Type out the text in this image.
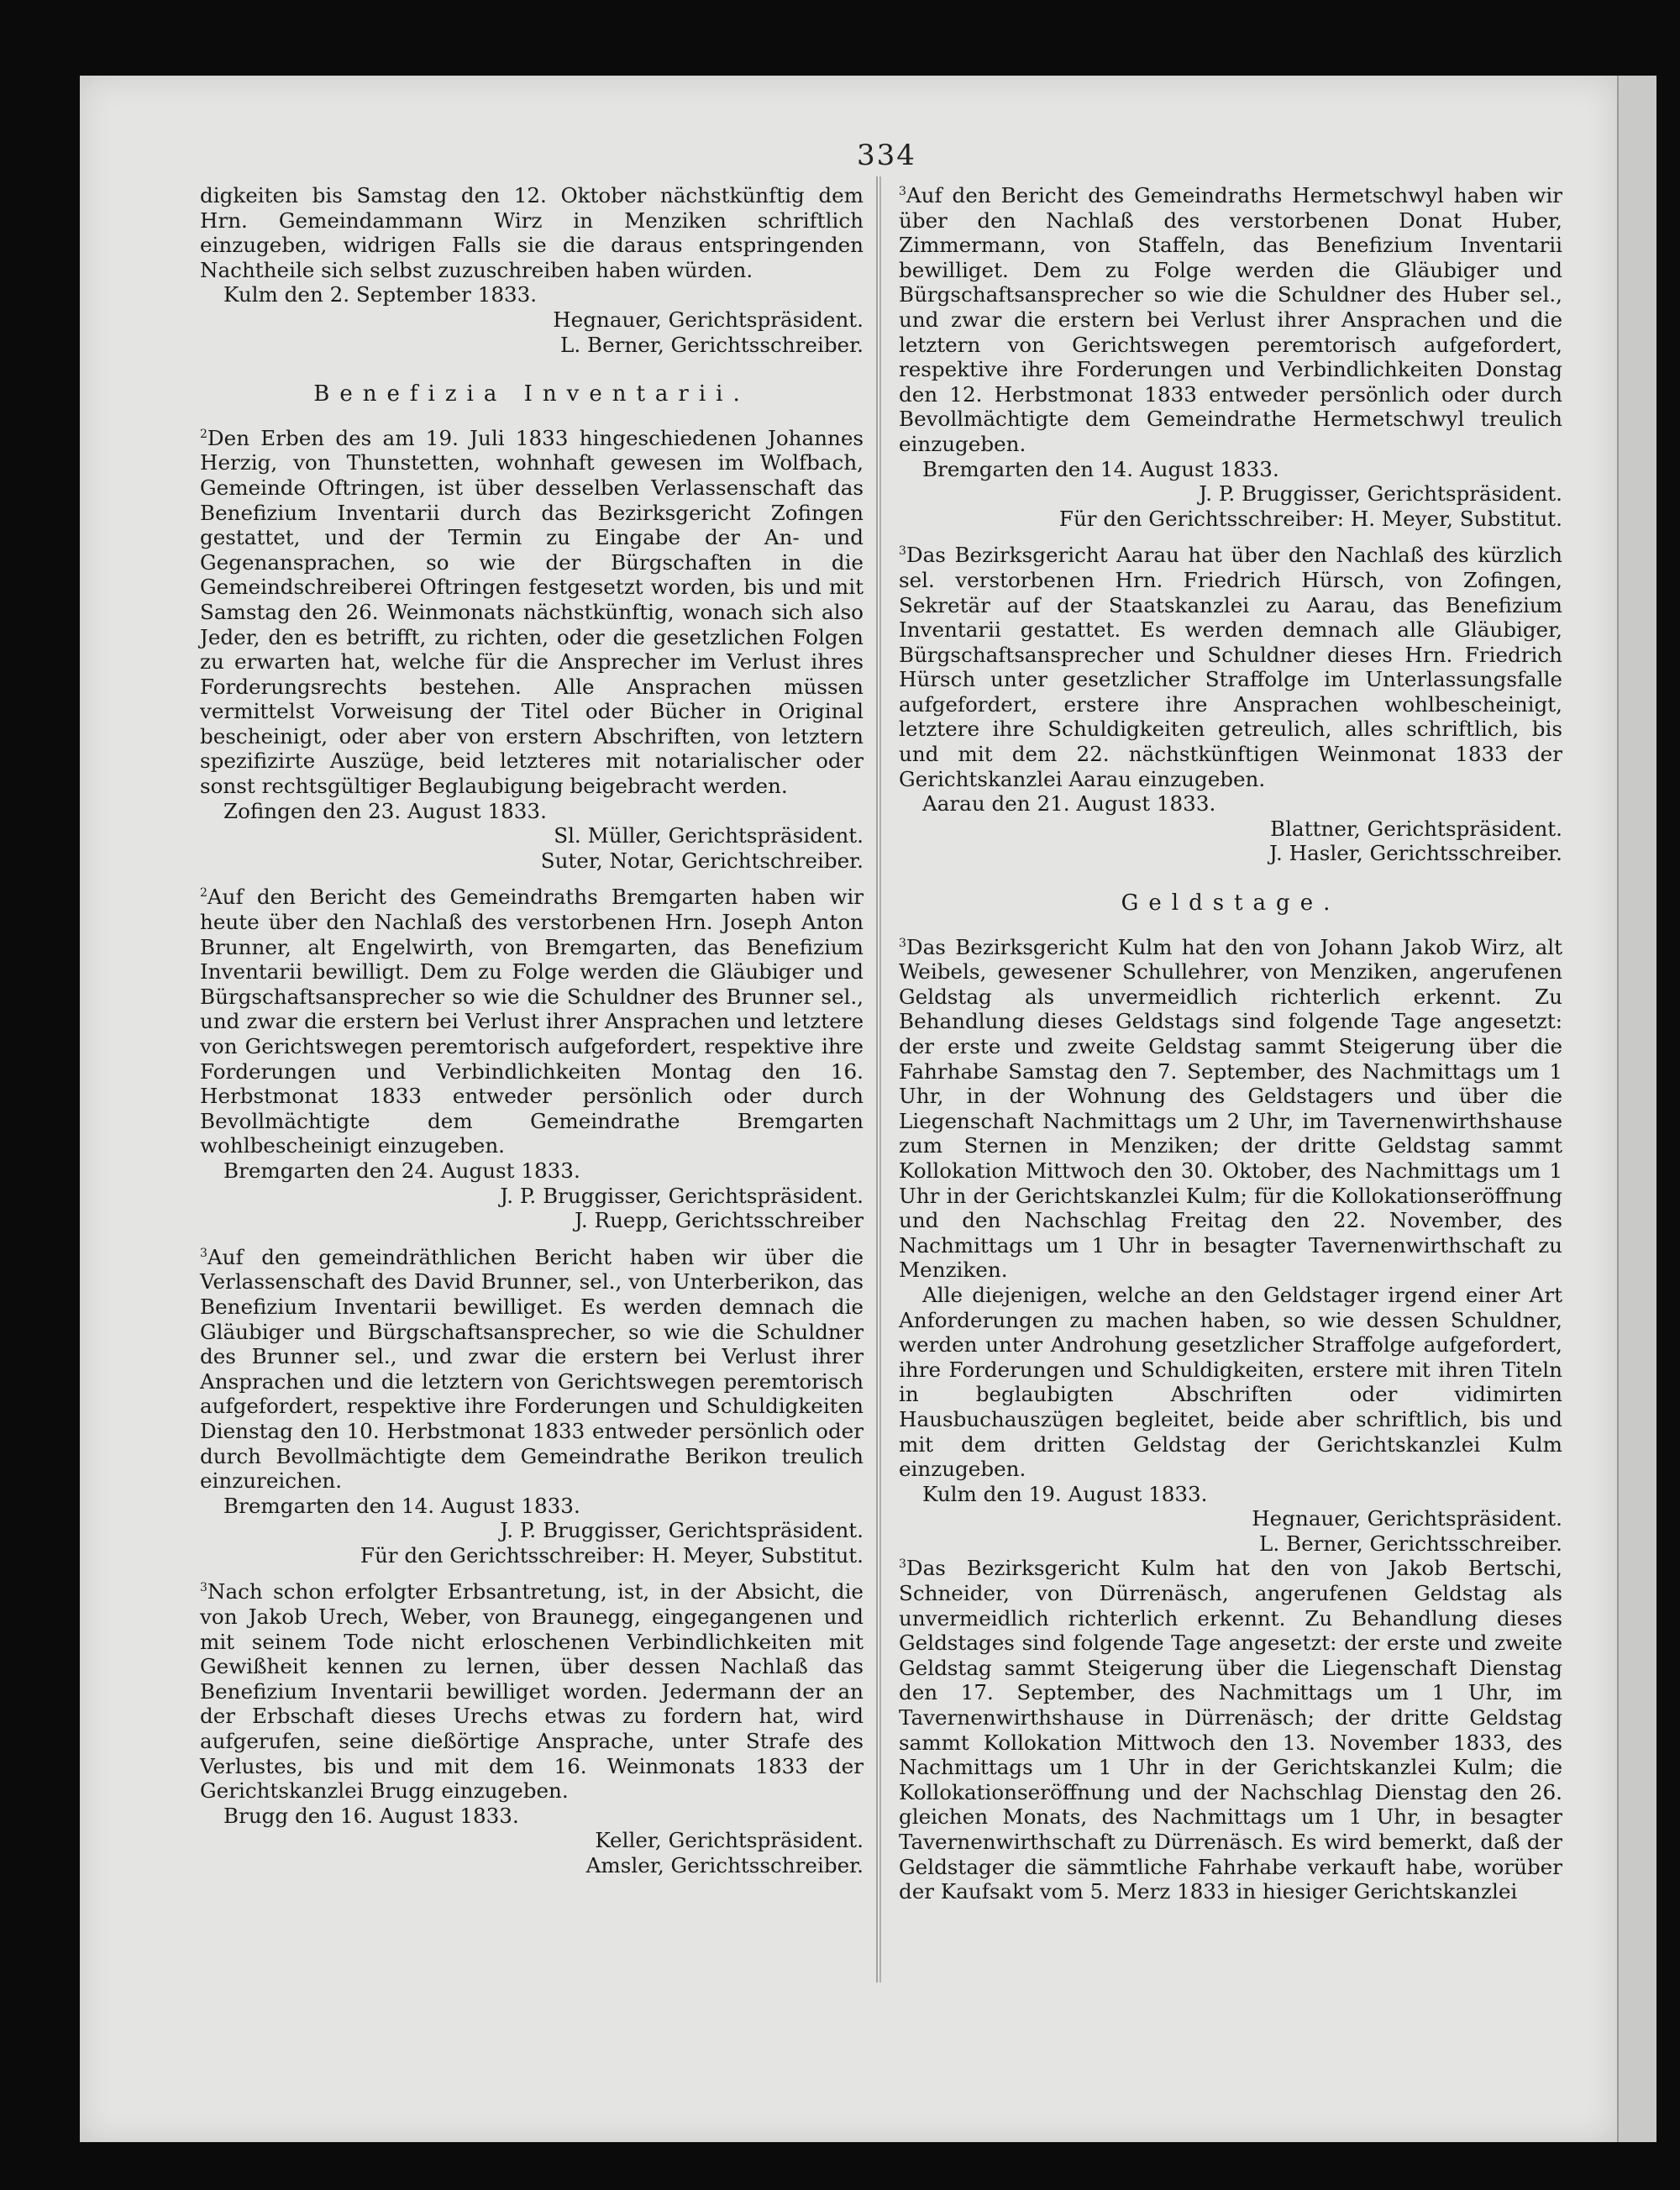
334

digkeiten bis Samstag den 12. Oktober nächstkünftig dem Hrn. Gemeindammann Wirz in Menziken schriftlich einzugeben, widrigen Falls sie die daraus entspringenden Nachtheile sich selbst zuzuschreiben haben würden.

Kulm den 2. September 1833.

Hegnauer, Gerichtspräsident.

L. Berner, Gerichtsschreiber.

Benefizia Inventarii.

$^2$Den Erben des am 19. Juli 1833 hingeschiedenen Johannes Herzig, von Thunstetten, wohnhaft gewesen im Wolfbach, Gemeinde Oftringen, ist über desselben Verlassenschaft das Benefizium Inventarii durch das Bezirksgericht Zofingen gestattet, und der Termin zu Eingabe der An- und Gegenansprachen, so wie der Bürgschaften in die Gemeindschreiberei Oftringen festgesetzt worden, bis und mit Samstag den 26. Weinmonats nächstkünftig, wonach sich also Jeder, den es betrifft, zu richten, oder die gesetzlichen Folgen zu erwarten hat, welche für die Ansprecher im Verlust ihres Forderungsrechts bestehen. Alle Ansprachen müssen vermittelst Vorweisung der Titel oder Bücher in Original bescheinigt, oder aber von erstern Abschriften, von letztern spezifizirte Auszüge, beid letzteres mit notarialischer oder sonst rechtsgültiger Beglaubigung beigebracht werden.

Zofingen den 23. August 1833.

Sl. Müller, Gerichtspräsident.

Suter, Notar, Gerichtschreiber.

$^2$Auf den Bericht des Gemeindraths Bremgarten haben wir heute über den Nachlaß des verstorbenen Hrn. Joseph Anton Brunner, alt Engelwirth, von Bremgarten, das Benefizium Inventarii bewilligt. Dem zu Folge werden die Gläubiger und Bürgschaftsansprecher so wie die Schuldner des Brunner sel., und zwar die erstern bei Verlust ihrer Ansprachen und letztere von Gerichtswegen peremtorisch aufgefordert, respektive ihre Forderungen und Verbindlichkeiten Montag den 16. Herbstmonat 1833 entweder persönlich oder durch Bevollmächtigte dem Gemeindrathe Bremgarten wohlbescheinigt einzugeben.

Bremgarten den 24. August 1833.

J. P. Bruggisser, Gerichtspräsident.

J. Ruepp, Gerichtsschreiber

$^3$Auf den gemeindräthlichen Bericht haben wir über die Verlassenschaft des David Brunner, sel., von Unterberikon, das Benefizium Inventarii bewilliget. Es werden demnach die Gläubiger und Bürgschaftsansprecher, so wie die Schuldner des Brunner sel., und zwar die erstern bei Verlust ihrer Ansprachen und die letztern von Gerichtswegen peremtorisch aufgefordert, respektive ihre Forderungen und Schuldigkeiten Dienstag den 10. Herbstmonat 1833 entweder persönlich oder durch Bevollmächtigte dem Gemeindrathe Berikon treulich einzureichen.

Bremgarten den 14. August 1833.

J. P. Bruggisser, Gerichtspräsident.

Für den Gerichtsschreiber: H. Meyer, Substitut.

$^3$Nach schon erfolgter Erbsantretung, ist, in der Absicht, die von Jakob Urech, Weber, von Braunegg, eingegangenen und mit seinem Tode nicht erloschenen Verbindlichkeiten mit Gewißheit kennen zu lernen, über dessen Nachlaß das Benefizium Inventarii bewilliget worden. Jedermann der an der Erbschaft dieses Urechs etwas zu fordern hat, wird aufgerufen, seine dießörtige Ansprache, unter Strafe des Verlustes, bis und mit dem 16. Weinmonats 1833 der Gerichtskanzlei Brugg einzugeben.

Brugg den 16. August 1833.

Keller, Gerichtspräsident.

Amsler, Gerichtsschreiber.

$^3$Auf den Bericht des Gemeindraths Hermetschwyl haben wir über den Nachlaß des verstorbenen Donat Huber, Zimmermann, von Staffeln, das Benefizium Inventarii bewilliget. Dem zu Folge werden die Gläubiger und Bürgschaftsansprecher so wie die Schuldner des Huber sel., und zwar die erstern bei Verlust ihrer Ansprachen und die letztern von Gerichtswegen peremtorisch aufgefordert, respektive ihre Forderungen und Verbindlichkeiten Donstag den 12. Herbstmonat 1833 entweder persönlich oder durch Bevollmächtigte dem Gemeindrathe Hermetschwyl treulich einzugeben.

Bremgarten den 14. August 1833.

J. P. Bruggisser, Gerichtspräsident.

Für den Gerichtsschreiber: H. Meyer, Substitut.

$^3$Das Bezirksgericht Aarau hat über den Nachlaß des kürzlich sel. verstorbenen Hrn. Friedrich Hürsch, von Zofingen, Sekretär auf der Staatskanzlei zu Aarau, das Benefizium Inventarii gestattet. Es werden demnach alle Gläubiger, Bürgschaftsansprecher und Schuldner dieses Hrn. Friedrich Hürsch unter gesetzlicher Straffolge im Unterlassungsfalle aufgefordert, erstere ihre Ansprachen wohlbescheinigt, letztere ihre Schuldigkeiten getreulich, alles schriftlich, bis und mit dem 22. nächstkünftigen Weinmonat 1833 der Gerichtskanzlei Aarau einzugeben.

Aarau den 21. August 1833.

Blattner, Gerichtspräsident.

J. Hasler, Gerichtsschreiber.

Geldstage.

$^3$Das Bezirksgericht Kulm hat den von Johann Jakob Wirz, alt Weibels, gewesener Schullehrer, von Menziken, angerufenen Geldstag als unvermeidlich richterlich erkennt. Zu Behandlung dieses Geldstags sind folgende Tage angesetzt: der erste und zweite Geldstag sammt Steigerung über die Fahrhabe Samstag den 7. September, des Nachmittags um 1 Uhr, in der Wohnung des Geldstagers und über die Liegenschaft Nachmittags um 2 Uhr, im Tavernenwirthshause zum Sternen in Menziken; der dritte Geldstag sammt Kollokation Mittwoch den 30. Oktober, des Nachmittags um 1 Uhr in der Gerichtskanzlei Kulm; für die Kollokationseröffnung und den Nachschlag Freitag den 22. November, des Nachmittags um 1 Uhr in besagter Tavernenwirthschaft zu Menziken.

Alle diejenigen, welche an den Geldstager irgend einer Art Anforderungen zu machen haben, so wie dessen Schuldner, werden unter Androhung gesetzlicher Straffolge aufgefordert, ihre Forderungen und Schuldigkeiten, erstere mit ihren Titeln in beglaubigten Abschriften oder vidimirten Hausbuchauszügen begleitet, beide aber schriftlich, bis und mit dem dritten Geldstag der Gerichtskanzlei Kulm einzugeben.

Kulm den 19. August 1833.

Hegnauer, Gerichtspräsident.

L. Berner, Gerichtsschreiber.

$^3$Das Bezirksgericht Kulm hat den von Jakob Bertschi, Schneider, von Dürrenäsch, angerufenen Geldstag als unvermeidlich richterlich erkennt. Zu Behandlung dieses Geldstages sind folgende Tage angesetzt: der erste und zweite Geldstag sammt Steigerung über die Liegenschaft Dienstag den 17. September, des Nachmittags um 1 Uhr, im Tavernenwirthshause in Dürrenäsch; der dritte Geldstag sammt Kollokation Mittwoch den 13. November 1833, des Nachmittags um 1 Uhr in der Gerichtskanzlei Kulm; die Kollokationseröffnung und der Nachschlag Dienstag den 26. gleichen Monats, des Nachmittags um 1 Uhr, in besagter Tavernenwirthschaft zu Dürrenäsch. Es wird bemerkt, daß der Geldstager die sämmtliche Fahrhabe verkauft habe, worüber der Kaufsakt vom 5. Merz 1833 in hiesiger Gerichtskanzlei
